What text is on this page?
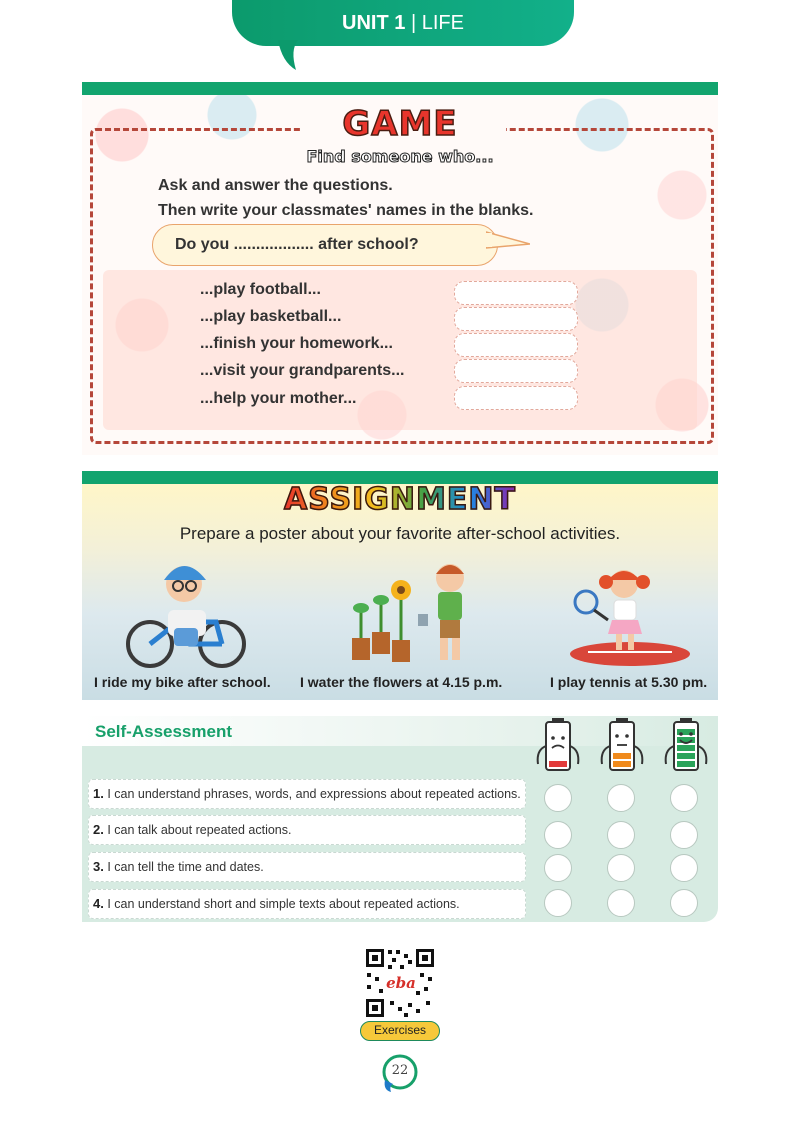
UNIT 1 | LIFE
GAME
Find someone who...
Ask and answer the questions.
Then write your classmates' names in the blanks.
Do you .................. after school?
...play football...
...play basketball...
...finish your homework...
...visit your grandparents...
...help your mother...
ASSIGNMENT
Prepare a poster about your favorite after-school activities.
I ride my bike after school. I water the flowers at 4.15 p.m.	I play tennis at 5.30 pm.
Self-Assessment
1. I can understand phrases, words, and expressions about repeated actions.
2. I can talk about repeated actions.
3. I can tell the time and dates.
4. I can understand short and simple texts about repeated actions.
eba
Exercises
22
